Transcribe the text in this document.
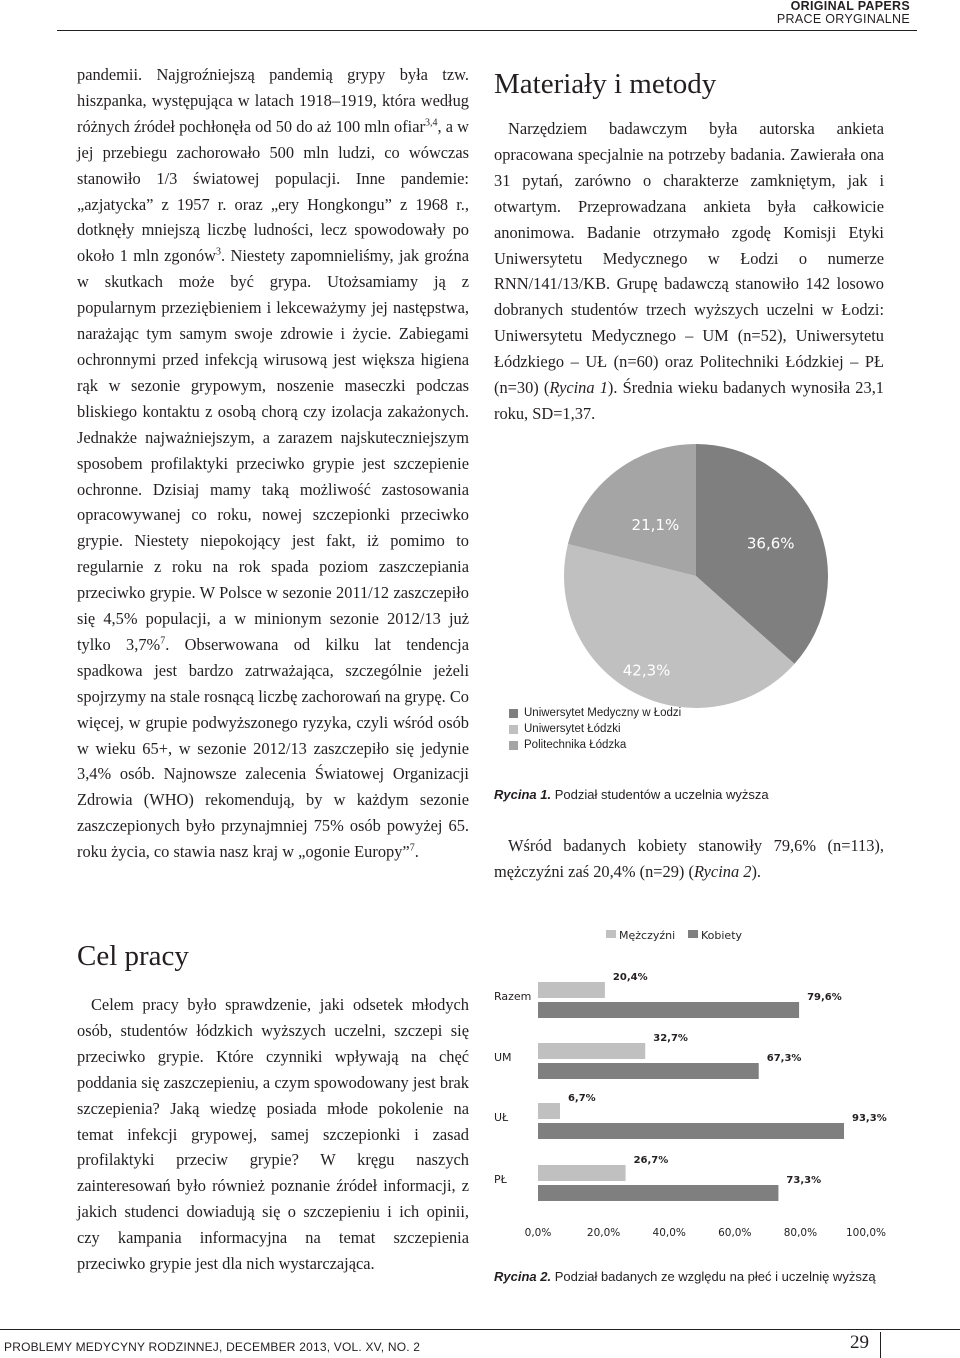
ORIGINAL PAPERS
PRACE ORYGINALNE

pandemii. Najgroźniejszą pandemią grypy była tzw. hiszpanka, występująca w latach 1918–1919, która według różnych źródeł pochłonęła od 50 do aż 100 mln ofiar$^{3,4}$, a w jej przebiegu zachorowało 500 mln ludzi, co wówczas stanowiło 1/3 światowej populacji. Inne pandemie: „azjatycka” z 1957 r. oraz „ery Hongkongu” z 1968 r., dotknęły mniejszą liczbę ludności, lecz spowodowały po około 1 mln zgonów$^3$. Niestety zapomnieliśmy, jak groźna w skutkach może być grypa. Utożsamiamy ją z popularnym przeziębieniem i lekceważymy jej następstwa, narażając tym samym swoje zdrowie i życie. Zabiegami ochronnymi przed infekcją wirusową jest większa higiena rąk w sezonie grypowym, noszenie maseczki podczas bliskiego kontaktu z osobą chorą czy izolacja zakażonych. Jednakże najważniejszym, a zarazem najskuteczniejszym sposobem profilaktyki przeciwko grypie jest szczepienie ochronne. Dzisiaj mamy taką możliwość zastosowania opracowywanej co roku, nowej szczepionki przeciwko grypie. Niestety niepokojący jest fakt, iż pomimo to regularnie z roku na rok spada poziom zaszczepiania przeciwko grypie. W Polsce w sezonie 2011/12 zaszczepiło się 4,5% populacji, a w minionym sezonie 2012/13 już tylko 3,7%$^7$. Obserwowana od kilku lat tendencja spadkowa jest bardzo zatrważająca, szczególnie jeżeli spojrzymy na stale rosnącą liczbę zachorowań na grypę. Co więcej, w grupie podwyższonego ryzyka, czyli wśród osób w wieku 65+, w sezonie 2012/13 zaszczepiło się jedynie 3,4% osób. Najnowsze zalecenia Światowej Organizacji Zdrowia (WHO) rekomendują, by w każdym sezonie zaszczepionych było przynajmniej 75% osób powyżej 65. roku życia, co stawia nasz kraj w „ogonie Europy”$^7$.

Cel pracy

Celem pracy było sprawdzenie, jaki odsetek młodych osób, studentów łódzkich wyższych uczelni, szczepi się przeciwko grypie. Które czynniki wpływają na chęć poddania się zaszczepieniu, a czym spowodowany jest brak szczepienia? Jaką wiedzę posiada młode pokolenie na temat infekcji grypowej, samej szczepionki i zasad profilaktyki przeciw grypie? W kręgu naszych zainteresowań było również poznanie źródeł informacji, z jakich studenci dowiadują się o szczepieniu i ich opinii, czy kampania informacyjna na temat szczepienia przeciwko grypie jest dla nich wystarczająca.

Materiały i metody

Narzędziem badawczym była autorska ankieta opracowana specjalnie na potrzeby badania. Zawierała ona 31 pytań, zarówno o charakterze zamkniętym, jak i otwartym. Przeprowadzana ankieta była całkowicie anonimowa. Badanie otrzymało zgodę Komisji Etyki Uniwersytetu Medycznego w Łodzi o numerze RNN/141/13/KB. Grupę badawczą stanowiło 142 losowo dobranych studentów trzech wyższych uczelni w Łodzi: Uniwersytetu Medycznego – UM (n=52), Uniwersytetu Łódzkiego – UŁ (n=60) oraz Politechniki Łódzkiej – PŁ (n=30) (Rycina 1). Średnia wieku badanych wynosiła 23,1 roku, SD=1,37.

36,6%
42,3%
21,1%
Uniwersytet Medyczny w Łodzi
Uniwersytet Łódzki
Politechnika Łódzka
Rycina 1. Podział studentów a uczelnia wyższa

Wśród badanych kobiety stanowiły 79,6% (n=113), mężczyźni zaś 20,4% (n=29) (Rycina 2).

Mężczyźni Kobiety
Razem
20,4%
79,6%
UM
32,7%
67,3%
UŁ
6,7%
93,3%
PŁ
26,7%
73,3%
0,0%	20,0%	40,0%	60,0%	80,0%	100,0%
Rycina 2. Podział badanych ze względu na płeć i uczelnię wyższą
PROBLEMY MEDYCYNY RODZINNEJ, DECEMBER 2013, VOL. XV, NO. 2	29
